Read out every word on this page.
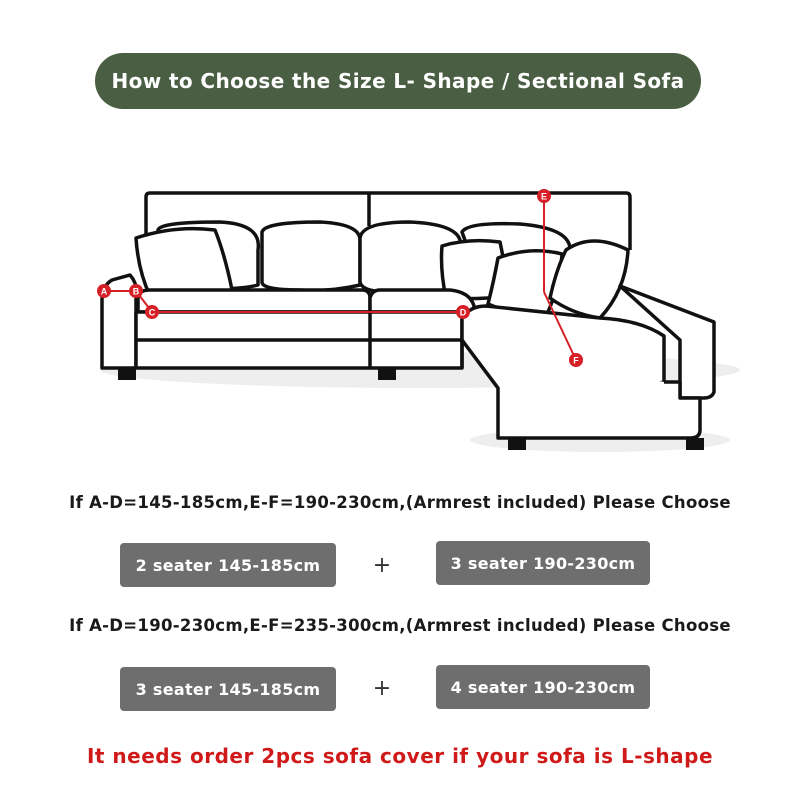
How to Choose the Size L- Shape / Sectional Sofa
A	B
C	D
E
F
If A-D=145-185cm,E-F=190-230cm,(Armrest included) Please Choose
2 seater 145-185cm	+	3 seater 190-230cm
If A-D=190-230cm,E-F=235-300cm,(Armrest included) Please Choose
3 seater 145-185cm	+	4 seater 190-230cm
It needs order 2pcs sofa cover if your sofa is L-shape
